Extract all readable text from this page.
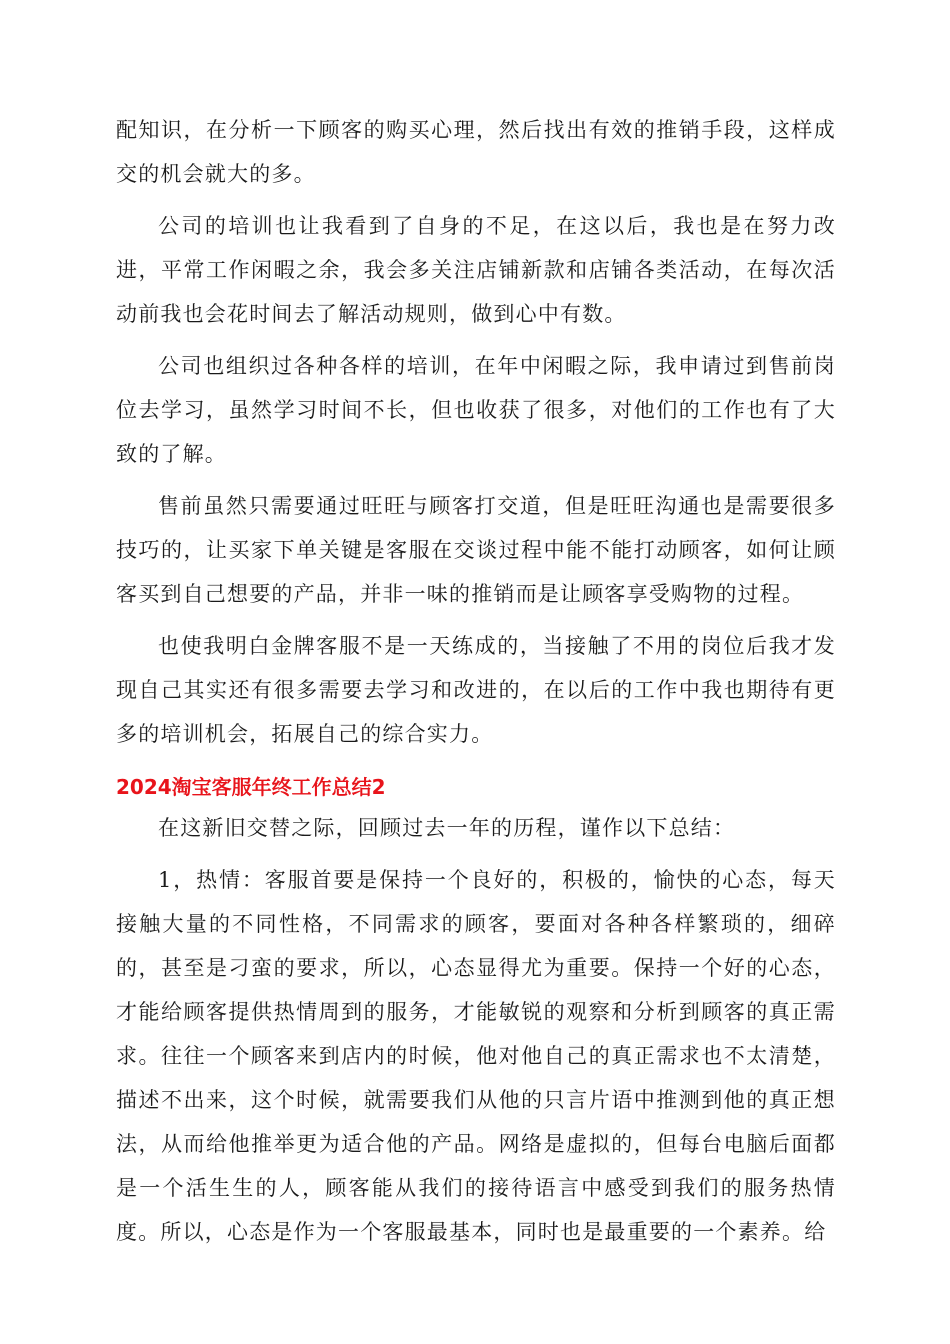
配知识，在分析一下顾客的购买心理，然后找出有效的推销手段，这样成交的机会就大的多。

公司的培训也让我看到了自身的不足，在这以后，我也是在努力改进，平常工作闲暇之余，我会多关注店铺新款和店铺各类活动，在每次活动前我也会花时间去了解活动规则，做到心中有数。

公司也组织过各种各样的培训，在年中闲暇之际，我申请过到售前岗位去学习，虽然学习时间不长，但也收获了很多，对他们的工作也有了大致的了解。

售前虽然只需要通过旺旺与顾客打交道，但是旺旺沟通也是需要很多技巧的，让买家下单关键是客服在交谈过程中能不能打动顾客，如何让顾客买到自己想要的产品，并非一味的推销而是让顾客享受购物的过程。

也使我明白金牌客服不是一天练成的，当接触了不用的岗位后我才发现自己其实还有很多需要去学习和改进的，在以后的工作中我也期待有更多的培训机会，拓展自己的综合实力。

2024淘宝客服年终工作总结2

在这新旧交替之际，回顾过去一年的历程，谨作以下总结：

1，热情：客服首要是保持一个良好的，积极的，愉快的心态，每天接触大量的不同性格，不同需求的顾客，要面对各种各样繁琐的，细碎的，甚至是刁蛮的要求，所以，心态显得尤为重要。保持一个好的心态，才能给顾客提供热情周到的服务，才能敏锐的观察和分析到顾客的真正需求。往往一个顾客来到店内的时候，他对他自己的真正需求也不太清楚，描述不出来，这个时候，就需要我们从他的只言片语中推测到他的真正想法，从而给他推举更为适合他的产品。网络是虚拟的，但每台电脑后面都是一个活生生的人，顾客能从我们的接待语言中感受到我们的服务热情度。所以，心态是作为一个客服最基本，同时也是最重要的一个素养。给
